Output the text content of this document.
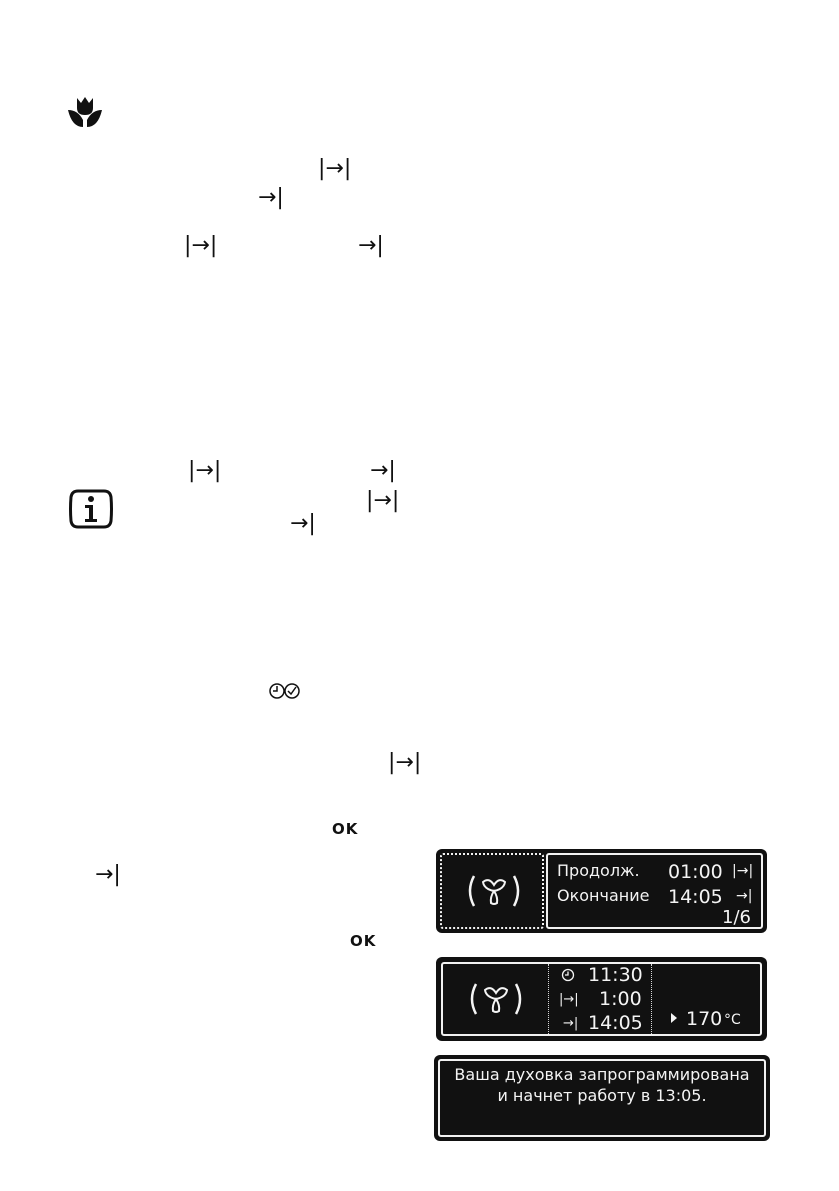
|→|
→|
|→|	→|
|→|	→|
|→|
→|
|→|
OK
→|
OK
Продолж. 01:00 |→|
Окончание 14:05 →|
1/6
11:30
|→| 1:00
→| 14:05 170 °C
Ваша духовка запрограммирована
и начнет работу в 13:05.
